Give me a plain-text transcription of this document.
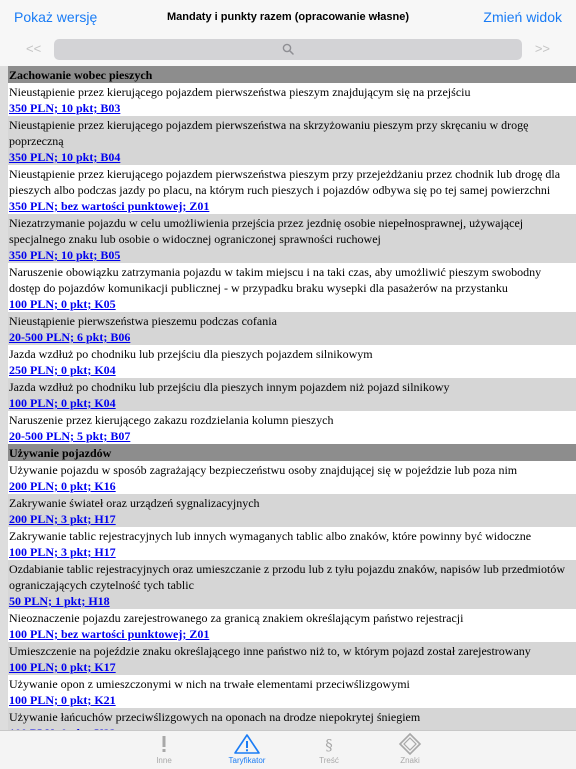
Pokaż wersję	Mandaty i punkty razem (opracowanie własne)	Zmień widok
<<	>>
Zachowanie wobec pieszych
Nieustąpienie przez kierującego pojazdem pierwszeństwa pieszym znajdującym się na przejściu
350 PLN; 10 pkt; B03
Nieustąpienie przez kierującego pojazdem pierwszeństwa na skrzyżowaniu pieszym przy skręcaniu w drogę poprzeczną
350 PLN; 10 pkt; B04
Nieustąpienie przez kierującego pojazdem pierwszeństwa pieszym przy przejeżdżaniu przez chodnik lub drogę dla pieszych albo podczas jazdy po placu, na którym ruch pieszych i pojazdów odbywa się po tej samej powierzchni
350 PLN; bez wartości punktowej; Z01
Niezatrzymanie pojazdu w celu umożliwienia przejścia przez jezdnię osobie niepełnosprawnej, używającej specjalnego znaku lub osobie o widocznej ograniczonej sprawności ruchowej
350 PLN; 10 pkt; B05
Naruszenie obowiązku zatrzymania pojazdu w takim miejscu i na taki czas, aby umożliwić pieszym swobodny dostęp do pojazdów komunikacji publicznej - w przypadku braku wysepki dla pasażerów na przystanku
100 PLN; 0 pkt; K05
Nieustąpienie pierwszeństwa pieszemu podczas cofania
20-500 PLN; 6 pkt; B06
Jazda wzdłuż po chodniku lub przejściu dla pieszych pojazdem silnikowym
250 PLN; 0 pkt; K04
Jazda wzdłuż po chodniku lub przejściu dla pieszych innym pojazdem niż pojazd silnikowy
100 PLN; 0 pkt; K04
Naruszenie przez kierującego zakazu rozdzielania kolumn pieszych
20-500 PLN; 5 pkt; B07
Używanie pojazdów
Używanie pojazdu w sposób zagrażający bezpieczeństwu osoby znajdującej się w pojeździe lub poza nim
200 PLN; 0 pkt; K16
Zakrywanie świateł oraz urządzeń sygnalizacyjnych
200 PLN; 3 pkt; H17
Zakrywanie tablic rejestracyjnych lub innych wymaganych tablic albo znaków, które powinny być widoczne
100 PLN; 3 pkt; H17
Ozdabianie tablic rejestracyjnych oraz umieszczanie z przodu lub z tyłu pojazdu znaków, napisów lub przedmiotów ograniczających czytelność tych tablic
50 PLN; 1 pkt; H18
Nieoznaczenie pojazdu zarejestrowanego za granicą znakiem określającym państwo rejestracji
100 PLN; bez wartości punktowej; Z01
Umieszczenie na pojeździe znaku określającego inne państwo niż to, w którym pojazd został zarejestrowany
100 PLN; 0 pkt; K17
Używanie opon z umieszczonymi w nich na trwałe elementami przeciwślizgowymi
100 PLN; 0 pkt; K21
Używanie łańcuchów przeciwślizgowych na oponach na drodze niepokrytej śniegiem
Inne	Taryfikator
§
Treść	Znaki
